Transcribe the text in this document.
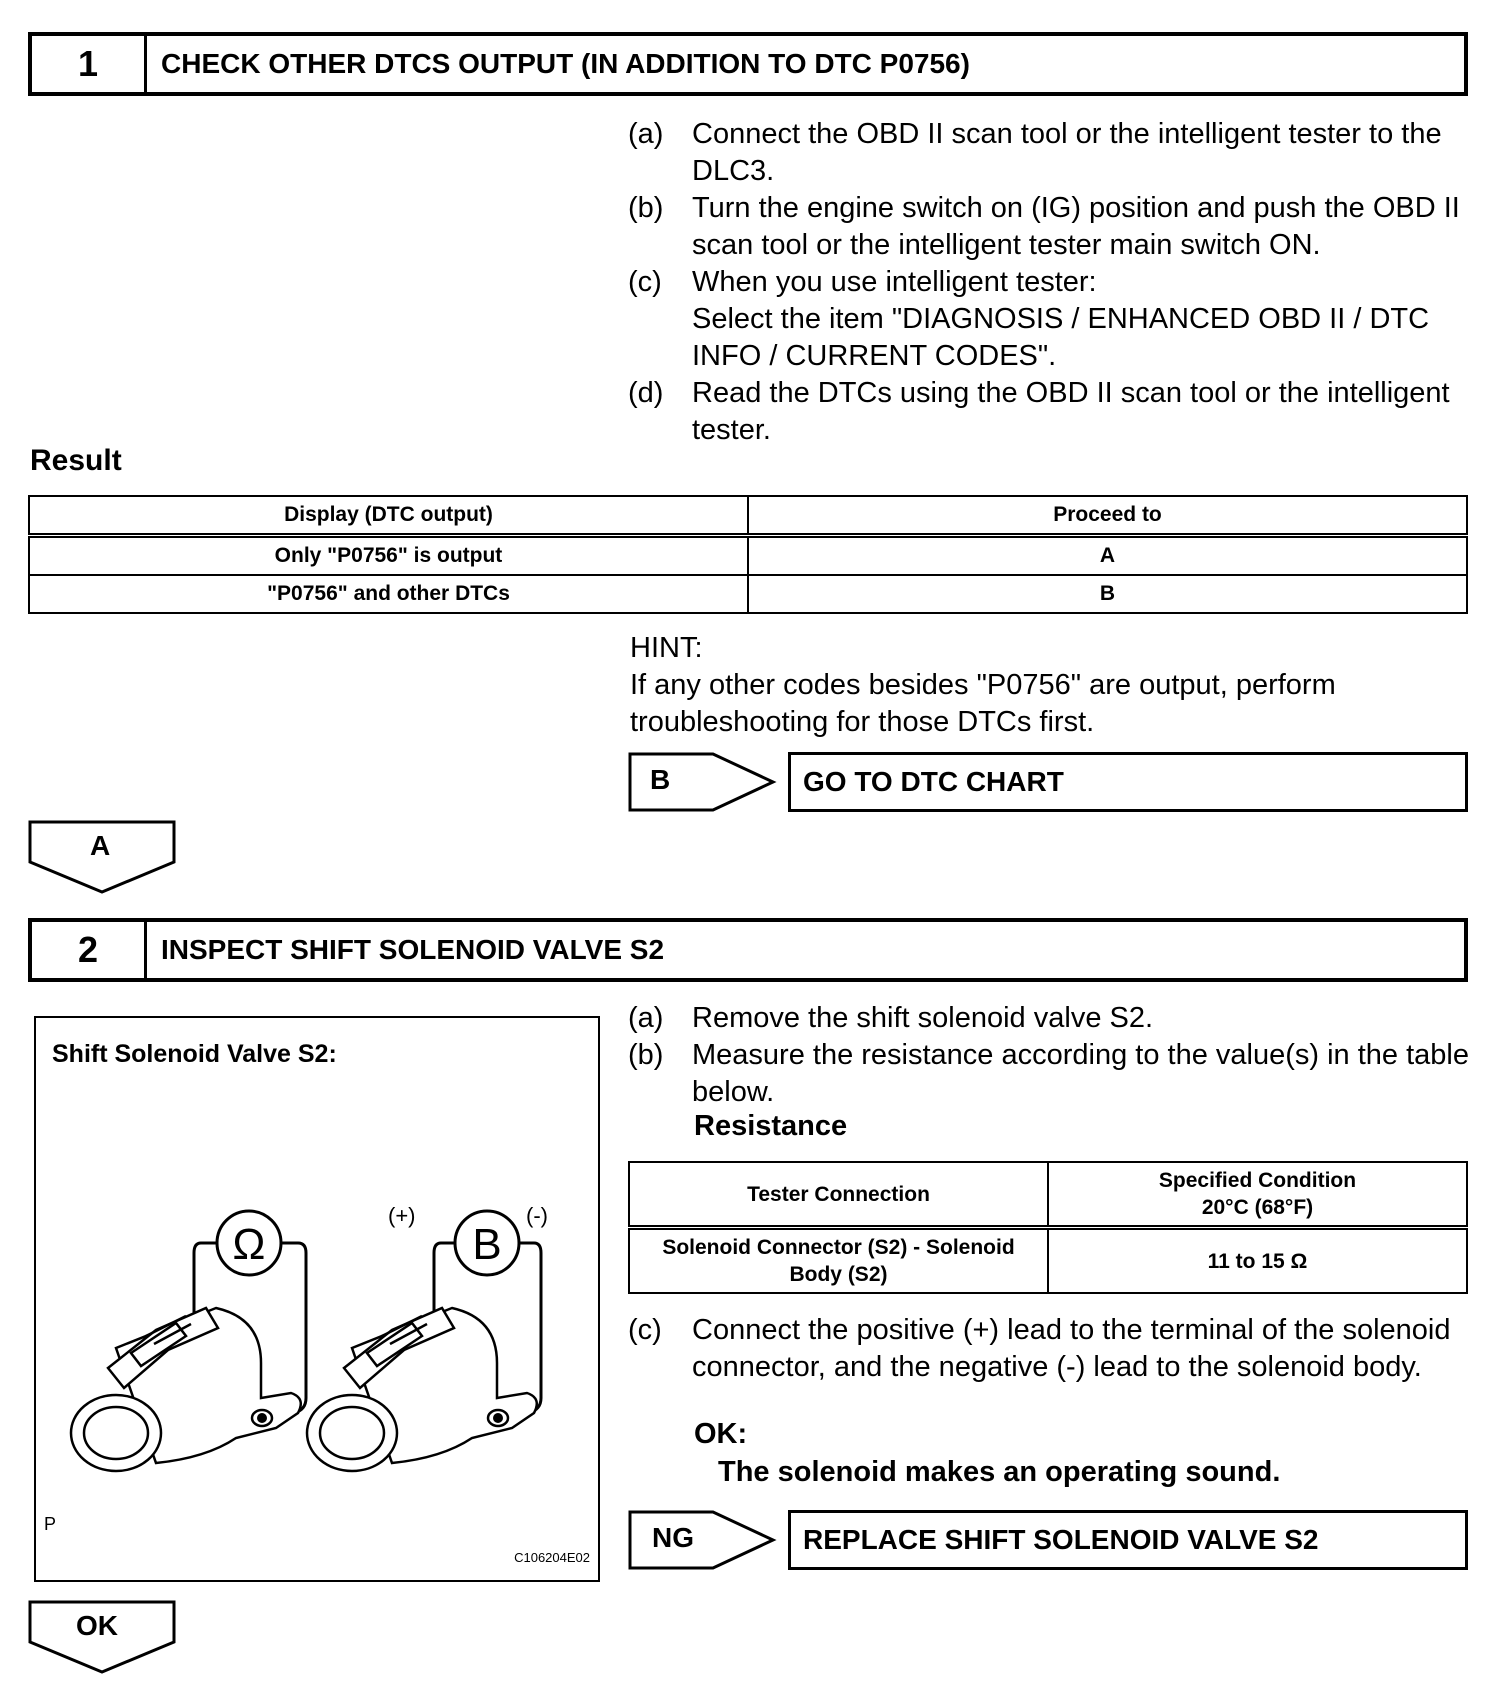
1	CHECK OTHER DTCS OUTPUT (IN ADDITION TO DTC P0756)
(a) Connect the OBD II scan tool or the intelligent tester to the DLC3.
(b) Turn the engine switch on (IG) position and push the OBD II scan tool or the intelligent tester main switch ON.
(c)	When you use intelligent tester:
Select the item "DIAGNOSIS / ENHANCED OBD II / DTC INFO / CURRENT CODES".
(d) Read the DTCs using the OBD II scan tool or the intelligent tester.
Result
Display (DTC output)	Proceed to
Only "P0756" is output	A
"P0756" and other DTCs	B
HINT:
If any other codes besides "P0756" are output, perform troubleshooting for those DTCs first.
B	GO TO DTC CHART
A
2	INSPECT SHIFT SOLENOID VALVE S2
Shift Solenoid Valve S2:
Ω	B
(+)	(-)
P
C106204E02
(a) Remove the shift solenoid valve S2.
(b) Measure the resistance according to the value(s) in the table below.
Resistance
Tester Connection	Specified Condition
20°C (68°F)
Solenoid Connector (S2) - Solenoid Body (S2)	11 to 15 Ω
(c)	Connect the positive (+) lead to the terminal of the solenoid connector, and the negative (-) lead to the solenoid body.
OK:
The solenoid makes an operating sound.
NG	REPLACE SHIFT SOLENOID VALVE S2
OK
